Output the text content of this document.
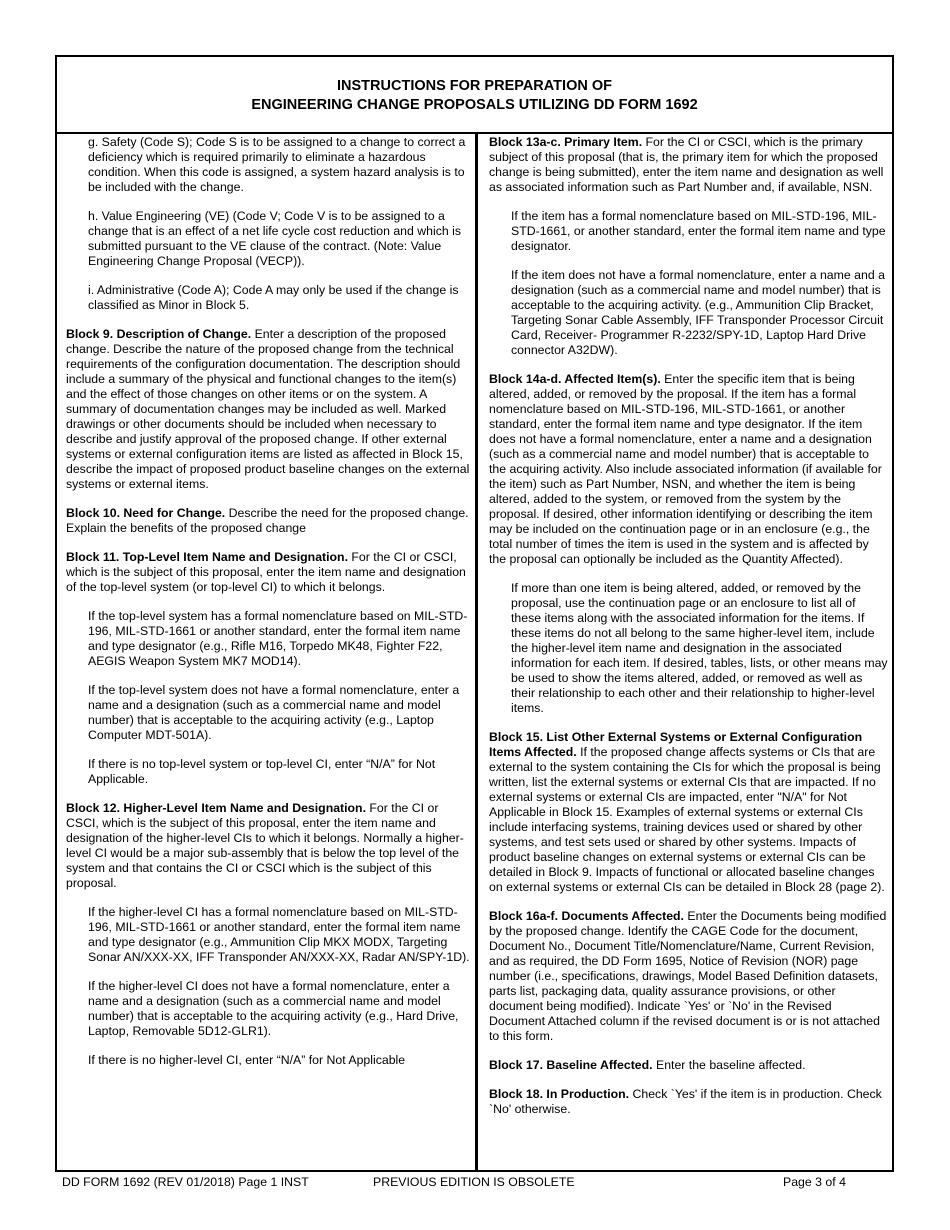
INSTRUCTIONS FOR PREPARATION OF
ENGINEERING CHANGE PROPOSALS UTILIZING DD FORM 1692

g. Safety (Code S); Code S is to be assigned to a change to correct a deficiency which is required primarily to eliminate a hazardous condition. When this code is assigned, a system hazard analysis is to be included with the change.

h. Value Engineering (VE) (Code V; Code V is to be assigned to a change that is an effect of a net life cycle cost reduction and which is submitted pursuant to the VE clause of the contract. (Note: Value Engineering Change Proposal (VECP)).

i. Administrative (Code A); Code A may only be used if the change is classified as Minor in Block 5.

Block 9. Description of Change. Enter a description of the proposed change. Describe the nature of the proposed change from the technical requirements of the configuration documentation. The description should include a summary of the physical and functional changes to the item(s) and the effect of those changes on other items or on the system. A summary of documentation changes may be included as well. Marked drawings or other documents should be included when necessary to describe and justify approval of the proposed change. If other external systems or external configuration items are listed as affected in Block 15, describe the impact of proposed product baseline changes on the external systems or external items.

Block 10. Need for Change. Describe the need for the proposed change. Explain the benefits of the proposed change

Block 11. Top-Level Item Name and Designation. For the CI or CSCI, which is the subject of this proposal, enter the item name and designation of the top-level system (or top-level CI) to which it belongs.

If the top-level system has a formal nomenclature based on MIL-STD-196, MIL-STD-1661 or another standard, enter the formal item name and type designator (e.g., Rifle M16, Torpedo MK48, Fighter F22, AEGIS Weapon System MK7 MOD14).

If the top-level system does not have a formal nomenclature, enter a name and a designation (such as a commercial name and model number) that is acceptable to the acquiring activity (e.g., Laptop Computer MDT-501A).

If there is no top-level system or top-level CI, enter “N/A” for Not Applicable.

Block 12. Higher-Level Item Name and Designation. For the CI or CSCI, which is the subject of this proposal, enter the item name and designation of the higher-level CIs to which it belongs. Normally a higher-level CI would be a major sub-assembly that is below the top level of the system and that contains the CI or CSCI which is the subject of this proposal.

If the higher-level CI has a formal nomenclature based on MIL-STD-196, MIL-STD-1661 or another standard, enter the formal item name and type designator (e.g., Ammunition Clip MKX MODX, Targeting Sonar AN/XXX-XX, IFF Transponder AN/XXX-XX, Radar AN/SPY-1D).

If the higher-level CI does not have a formal nomenclature, enter a name and a designation (such as a commercial name and model number) that is acceptable to the acquiring activity (e.g., Hard Drive, Laptop, Removable 5D12-GLR1).

If there is no higher-level CI, enter “N/A” for Not Applicable

Block 13a-c. Primary Item. For the CI or CSCI, which is the primary subject of this proposal (that is, the primary item for which the proposed change is being submitted), enter the item name and designation as well as associated information such as Part Number and, if available, NSN.

If the item has a formal nomenclature based on MIL-STD-196, MIL-STD-1661, or another standard, enter the formal item name and type designator.

If the item does not have a formal nomenclature, enter a name and a designation (such as a commercial name and model number) that is acceptable to the acquiring activity. (e.g., Ammunition Clip Bracket, Targeting Sonar Cable Assembly, IFF Transponder Processor Circuit Card, Receiver- Programmer R-2232/SPY-1D, Laptop Hard Drive connector A32DW).

Block 14a-d. Affected Item(s). Enter the specific item that is being altered, added, or removed by the proposal. If the item has a formal nomenclature based on MIL-STD-196, MIL-STD-1661, or another standard, enter the formal item name and type designator. If the item does not have a formal nomenclature, enter a name and a designation (such as a commercial name and model number) that is acceptable to the acquiring activity. Also include associated information (if available for the item) such as Part Number, NSN, and whether the item is being altered, added to the system, or removed from the system by the proposal. If desired, other information identifying or describing the item may be included on the continuation page or in an enclosure (e.g., the total number of times the item is used in the system and is affected by the proposal can optionally be included as the Quantity Affected).

If more than one item is being altered, added, or removed by the proposal, use the continuation page or an enclosure to list all of these items along with the associated information for the items. If these items do not all belong to the same higher-level item, include the higher-level item name and designation in the associated information for each item. If desired, tables, lists, or other means may be used to show the items altered, added, or removed as well as their relationship to each other and their relationship to higher-level items.

Block 15. List Other External Systems or External Configuration Items Affected. If the proposed change affects systems or CIs that are external to the system containing the CIs for which the proposal is being written, list the external systems or external CIs that are impacted. If no external systems or external CIs are impacted, enter "N/A" for Not Applicable in Block 15. Examples of external systems or external CIs include interfacing systems, training devices used or shared by other systems, and test sets used or shared by other systems. Impacts of product baseline changes on external systems or external CIs can be detailed in Block 9. Impacts of functional or allocated baseline changes on external systems or external CIs can be detailed in Block 28 (page 2).

Block 16a-f. Documents Affected. Enter the Documents being modified by the proposed change. Identify the CAGE Code for the document, Document No., Document Title/Nomenclature/Name, Current Revision, and as required, the DD Form 1695, Notice of Revision (NOR) page number (i.e., specifications, drawings, Model Based Definition datasets, parts list, packaging data, quality assurance provisions, or other document being modified). Indicate `Yes' or `No' in the Revised Document Attached column if the revised document is or is not attached to this form.

Block 17. Baseline Affected. Enter the baseline affected.

Block 18. In Production. Check `Yes' if the item is in production. Check `No' otherwise.

DD FORM 1692 (REV 01/2018) Page 1 INST	PREVIOUS EDITION IS OBSOLETE	Page 3 of 4
